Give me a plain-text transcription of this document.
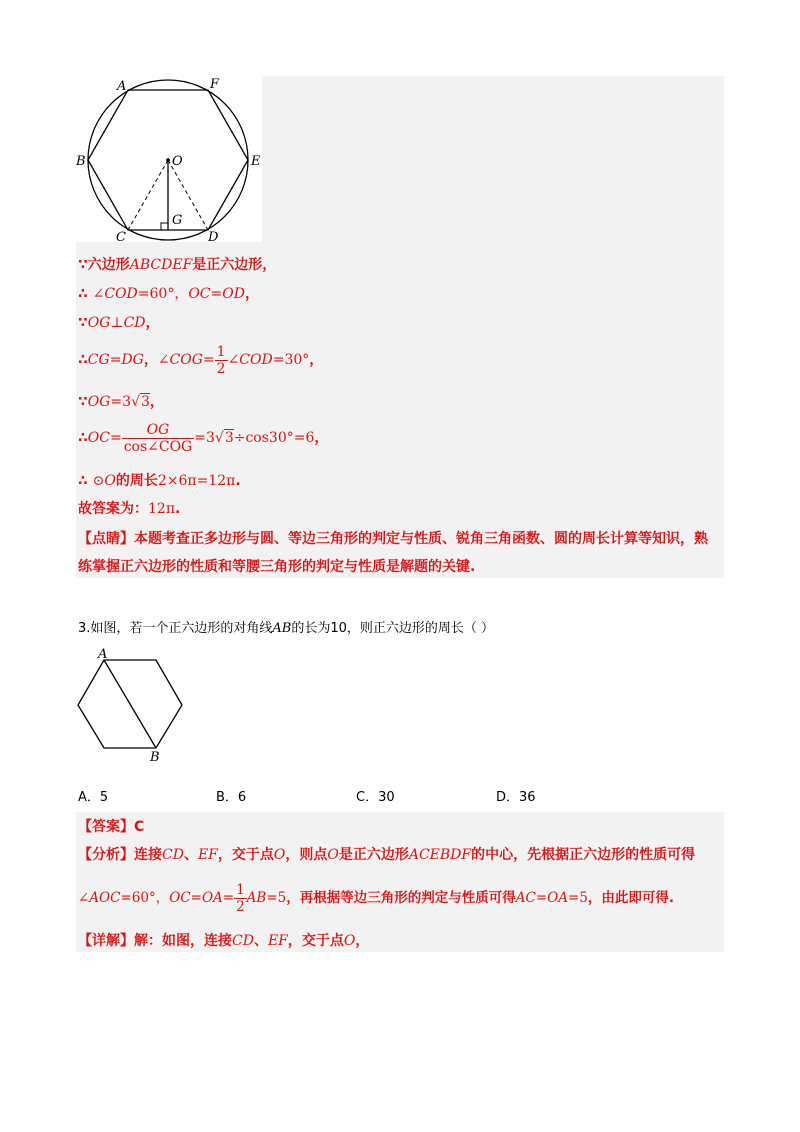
A	F
B	O	E
C
G
D
∵六边形ABCDEF是正六边形，
∴ ∠COD=60°，OC=OD，
∵OG⊥CD，
∴CG=DG，∠COG= $\frac{1}{2}$ ∠COD=30°，
∵OG=3√3，
∴OC= $\frac{OG}{\text{cos∠COG}} =3√3\div\cos 30^\circ=6$，
∴ ⊙O的周长2×6π=12π.
故答案为：12π.
【点睛】本题考查正多边形与圆、等边三角形的判定与性质、锐角三角函数、圆的周长计算等知识，熟
练掌握正六边形的性质和等腰三角形的判定与性质是解题的关键.
3.如图，若一个正六边形的对角线AB的长为10，则正六边形的周长（ ）
A
B
A．5	B．6	C．30	D．36
【答案】C
【分析】连接CD、EF，交于点O，则点O是正六边形ACEBDF的中心，先根据正六边形的性质可得
∠AOC=60°，$OC=OA= \frac{1}{2} AB=5$，再根据等边三角形的判定与性质可得AC=OA=5，由此即可得.
【详解】解：如图，连接CD、EF，交于点O，
